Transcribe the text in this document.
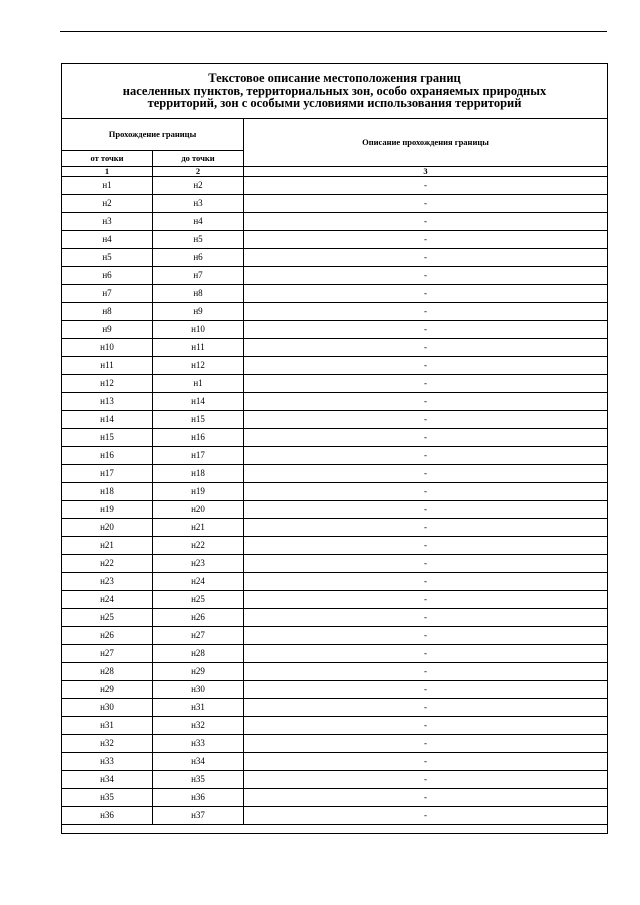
Текстовое описание местоположения границ
населенных пунктов, территориальных зон, особо охраняемых природных
территорий, зон с особыми условиями использования территорий		

Прохождение границы		Описание прохождения границы
от точки	до точки	
1	2	3
н1	н2	-
н2	н3	-
н3	н4	-
н4	н5	-
н5	н6	-
н6	н7	-
н7	н8	-
н8	н9	-
н9	н10	-
н10	н11	-
н11	н12	-
н12	н1	-
н13	н14	-
н14	н15	-
н15	н16	-
н16	н17	-
н17	н18	-
н18	н19	-
н19	н20	-
н20	н21	-
н21	н22	-
н22	н23	-
н23	н24	-
н24	н25	-
н25	н26	-
н26	н27	-
н27	н28	-
н28	н29	-
н29	н30	-
н30	н31	-
н31	н32	-
н32	н33	-
н33	н34	-
н34	н35	-
н35	н36	-
н36	н37	-
